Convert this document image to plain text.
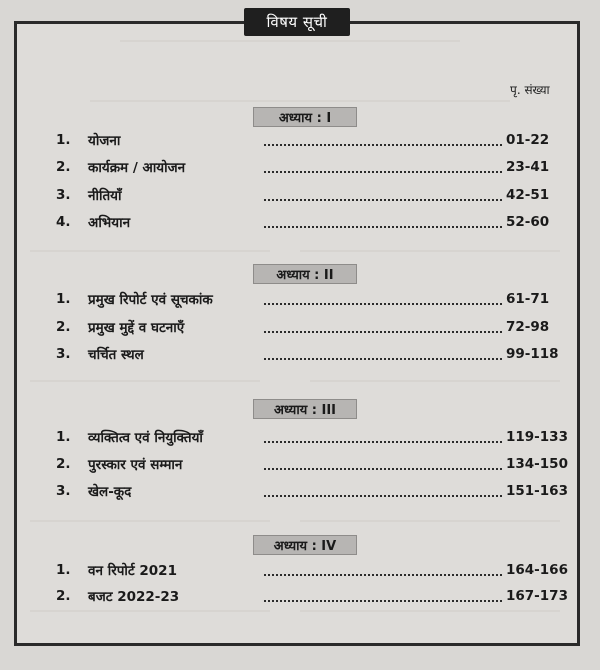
विषय सूची
पृ. संख्या
अध्याय : I
1.	योजना	01-22
2.	कार्यक्रम / आयोजन	23-41
3.	नीतियाँ	42-51
4.	अभियान	52-60
अध्याय : II
1.	प्रमुख रिपोर्ट एवं सूचकांक	61-71
2.	प्रमुख मुद्दें व घटनाएँ	72-98
3.	चर्चित स्थल	99-118
अध्याय : III
1.	व्यक्तित्व एवं नियुक्तियाँ	119-133
2.	पुरस्कार एवं सम्मान	134-150
3.	खेल-कूद	151-163
अध्याय : IV
1.	वन रिपोर्ट 2021	164-166
2.	बजट 2022-23	167-173
